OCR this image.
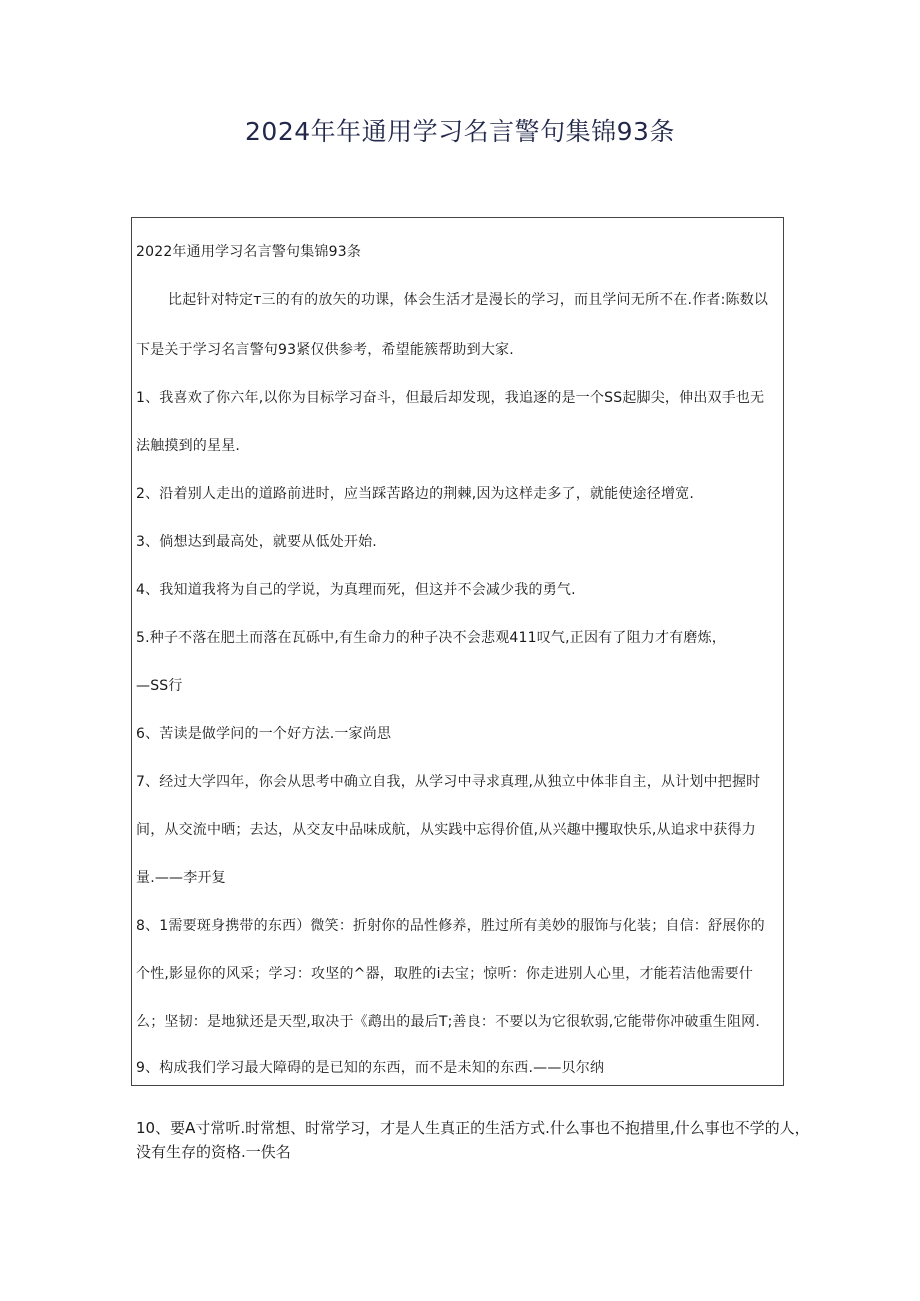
2024年年通用学习名言警句集锦93条
2022年通用学习名言警句集锦93条
比起针对特定т三的有的放矢的功课，体会生活才是漫长的学习，而且学问无所不在.作者:陈数以
下是关于学习名言警句93紧仅供参考，希望能簇帮助到大家.
1、我喜欢了你六年,以你为目标学习奋斗，但最后却发现，我追逐的是一个SS起脚尖，伸出双手也无
法触摸到的星星.
2、沿着别人走出的道路前进时，应当踩苦路边的荆棘,因为这样走多了，就能使途径增宽.
3、倘想达到最高处，就要从低处开始.
4、我知道我将为自己的学说，为真理而死，但这并不会减少我的勇气.
5.种子不落在肥土而落在瓦砾中,有生命力的种子决不会悲观411叹气,正因有了阻力才有磨炼，
—SS行
6、苦读是做学问的一个好方法.一家尚思
7、经过大学四年，你会从思考中确立自我，从学习中寻求真理,从独立中体非自主，从计划中把握时
间，从交流中晒；去达，从交友中品味成航，从实践中忘得价值,从兴趣中攫取快乐,从追求中获得力
量.——李开复
8、1需要斑身携带的东西）微笑：折射你的品性修养，胜过所有美妙的服饰与化装；自信：舒展你的
个性,影显你的风采；学习：攻坚的^器，取胜的i去宝；惊听：你走进别人心里，才能若洁他需要什
么；坚韧：是地狱还是天型,取决于《鹉出的最后T;善良：不要以为它很软弱,它能带你冲破重生阻网.
9、构成我们学习最大障碍的是已知的东西，而不是未知的东西.——贝尔纳
10、要A寸常听.时常想、时常学习，才是人生真正的生活方式.什么事也不抱措里,什么事也不学的人，
没有生存的资格.一佚名
